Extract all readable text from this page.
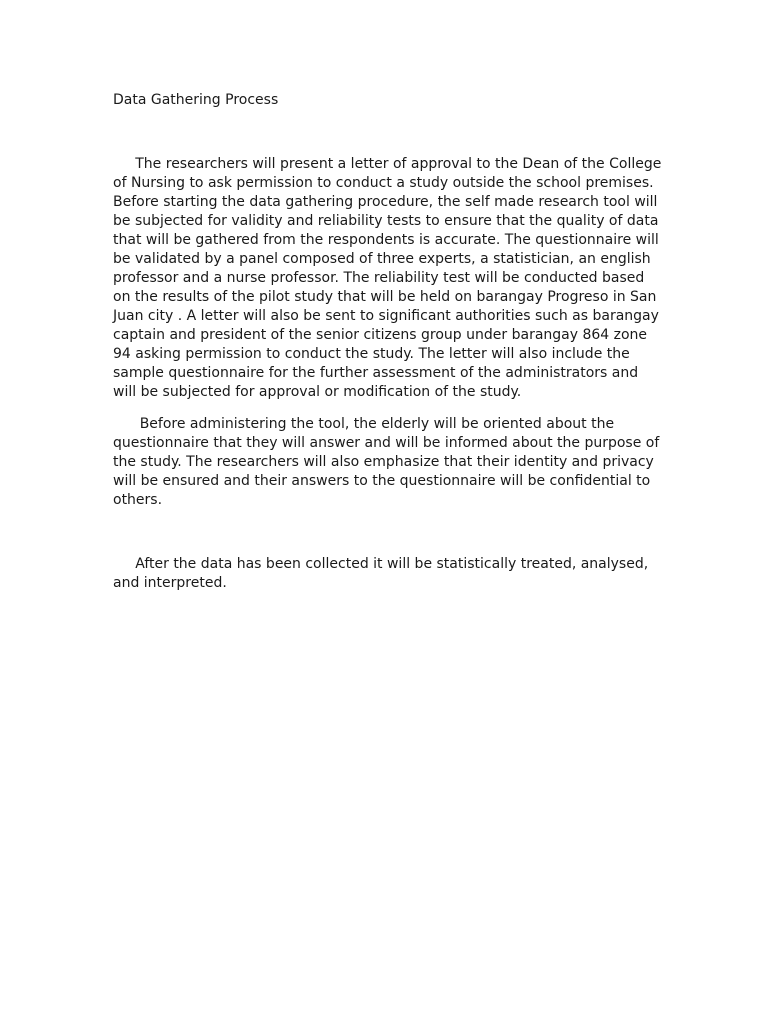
Data Gathering Process
The researchers will present a letter of approval to the Dean of the College
of Nursing to ask permission to conduct a study outside the school premises.
Before starting the data gathering procedure, the self made research tool will
be subjected for validity and reliability tests to ensure that the quality of data
that will be gathered from the respondents is accurate. The questionnaire will
be validated by a panel composed of three experts, a statistician, an english
professor and a nurse professor. The reliability test will be conducted based
on the results of the pilot study that will be held on barangay Progreso in San
Juan city . A letter will also be sent to significant authorities such as barangay
captain and president of the senior citizens group under barangay 864 zone
94 asking permission to conduct the study. The letter will also include the
sample questionnaire for the further assessment of the administrators and
will be subjected for approval or modification of the study.
Before administering the tool, the elderly will be oriented about the
questionnaire that they will answer and will be informed about the purpose of
the study. The researchers will also emphasize that their identity and privacy
will be ensured and their answers to the questionnaire will be confidential to
others.
After the data has been collected it will be statistically treated, analysed,
and interpreted.
